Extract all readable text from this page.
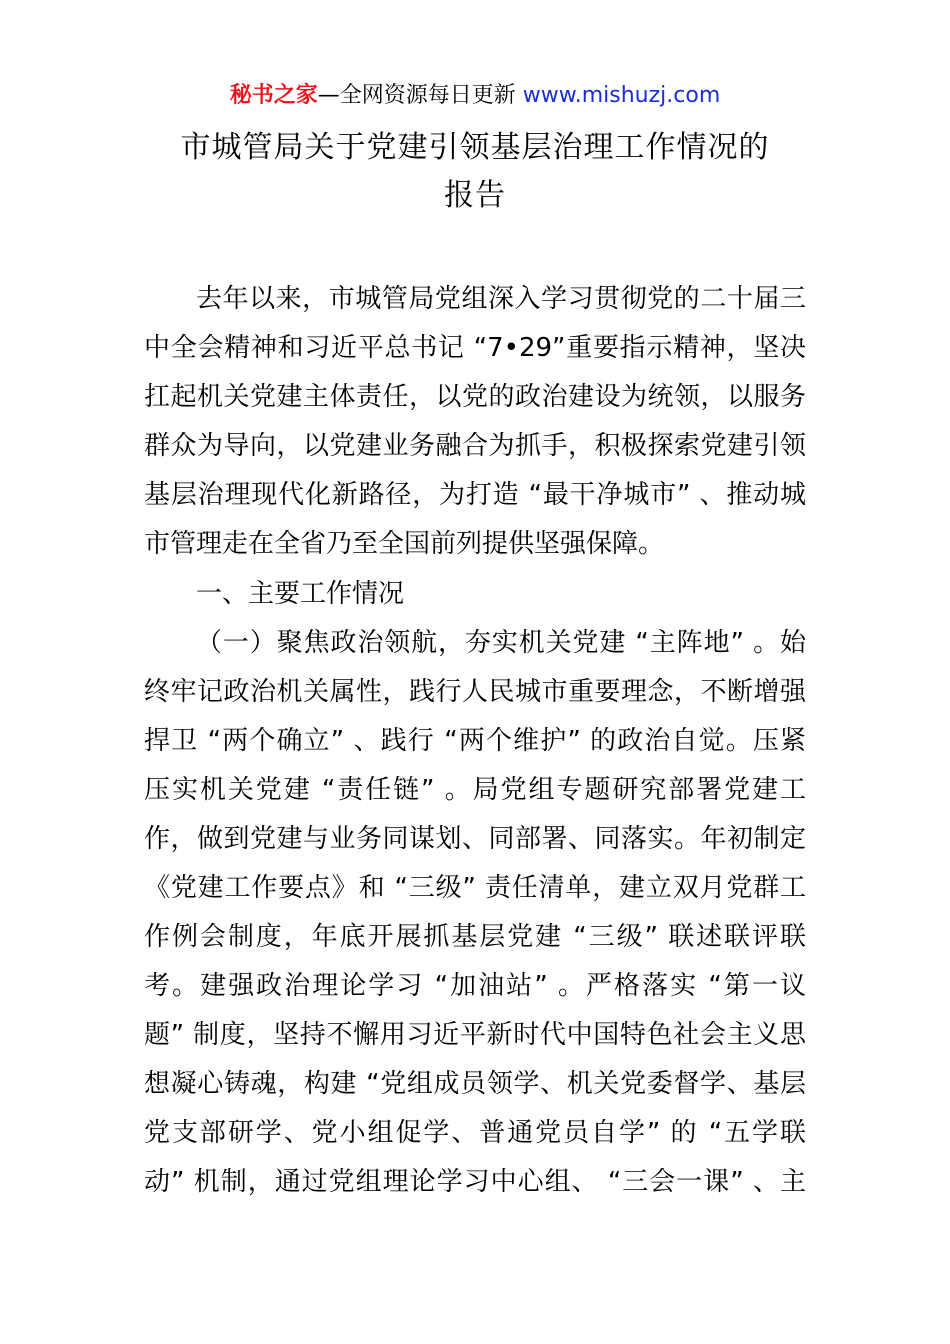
秘书之家—全网资源每日更新 www.mishuzj.com
市城管局关于党建引领基层治理工作情况的
报告
去年以来，市城管局党组深入学习贯彻党的二十届三
中全会精神和习近平总书记 “7•29”重要指示精神，坚决
扛起机关党建主体责任，以党的政治建设为统领，以服务
群众为导向，以党建业务融合为抓手，积极探索党建引领
基层治理现代化新路径，为打造 “最干净城市” 、推动城
市管理走在全省乃至全国前列提供坚强保障。
一、主要工作情况
（一）聚焦政治领航，夯实机关党建 “主阵地” 。始
终牢记政治机关属性，践行人民城市重要理念，不断增强
捍卫 “两个确立” 、践行 “两个维护” 的政治自觉。压紧
压实机关党建 “责任链” 。局党组专题研究部署党建工
作，做到党建与业务同谋划、同部署、同落实。年初制定
《党建工作要点》和 “三级” 责任清单，建立双月党群工
作例会制度，年底开展抓基层党建 “三级” 联述联评联
考。建强政治理论学习 “加油站” 。严格落实 “第一议
题” 制度，坚持不懈用习近平新时代中国特色社会主义思
想凝心铸魂，构建 “党组成员领学、机关党委督学、基层
党支部研学、党小组促学、普通党员自学” 的 “五学联
动” 机制，通过党组理论学习中心组、 “三会一课” 、主
